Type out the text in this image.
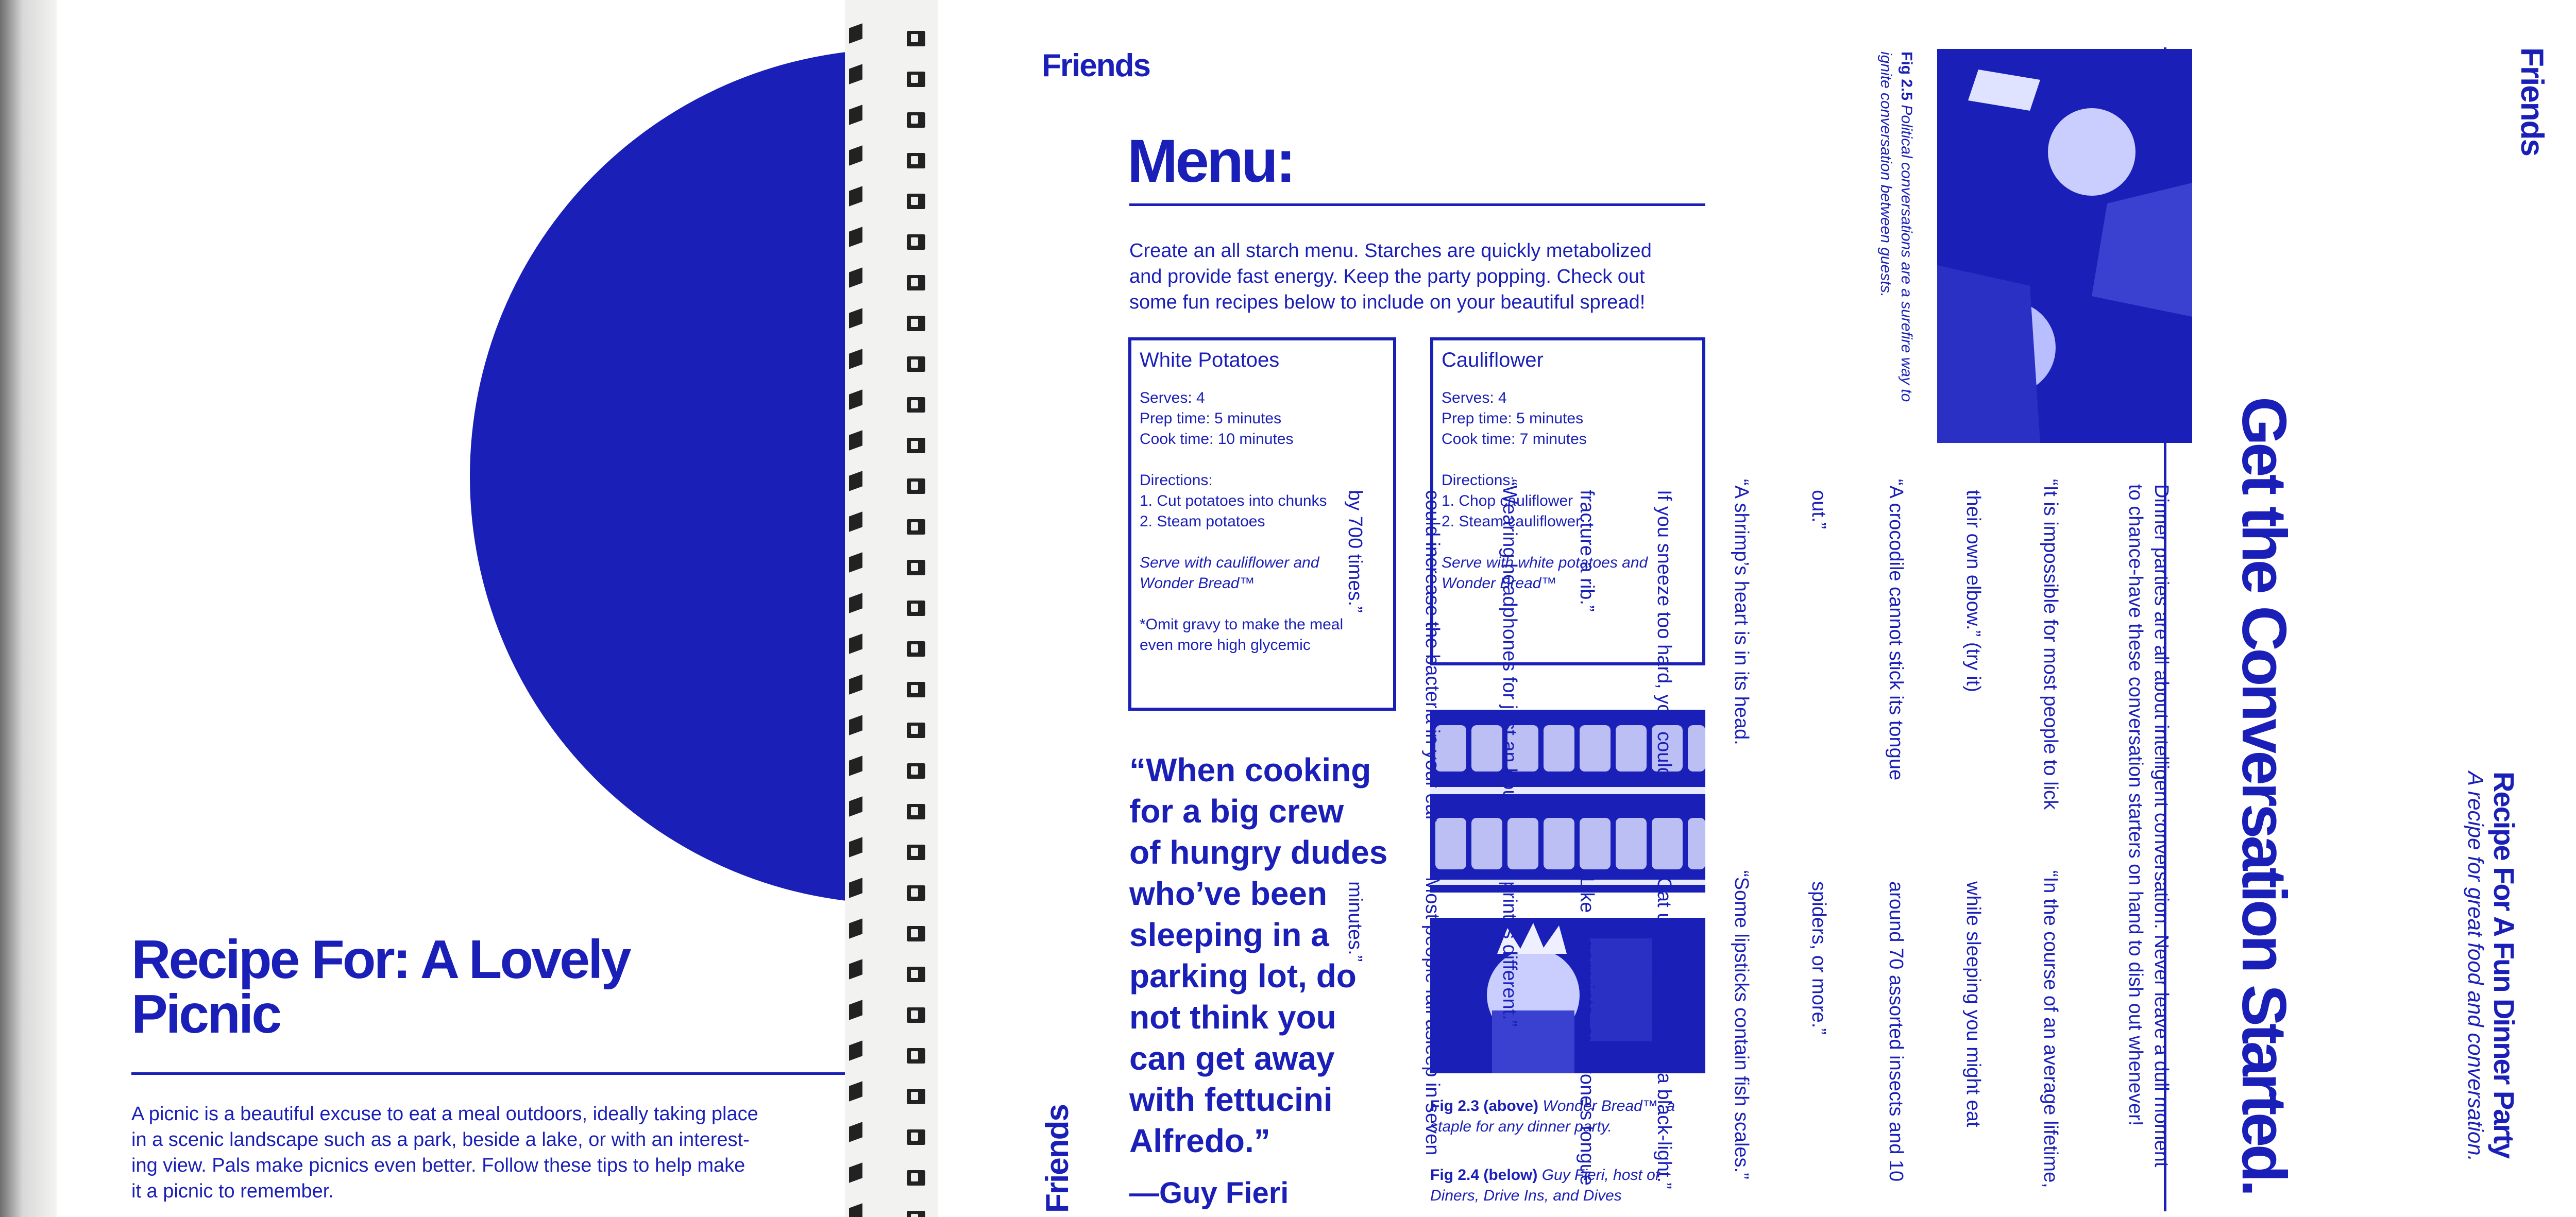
Recipe For: A Lovely
Picnic
A picnic is a beautiful excuse to eat a meal outdoors, ideally taking place
in a scenic landscape such as a park, beside a lake, or with an interest-
ing view. Pals make picnics even better. Follow these tips to help make
it a picnic to remember.
Friends
Menu:
Create an all starch menu. Starches are quickly metabolized
and provide fast energy. Keep the party popping. Check out
some fun recipes below to include on your beautiful spread!
White Potatoes
Serves: 4
Prep time: 5 minutes
Cook time: 10 minutes
Directions:
1. Cut potatoes into chunks
2. Steam potatoes
Serve with cauliflower and
Wonder Bread™
*Omit gravy to make the meal
even more high glycemic
Cauliflower
Serves: 4
Prep time: 5 minutes
Cook time: 7 minutes
Directions:
1. Chop cauliflower
2. Steam cauliflower
Serve with white potatoes and
Wonder Bread™
“When cooking
for a big crew
of hungry dudes
who’ve been
sleeping in a
parking lot, do
not think you
can get away
with fettucini
Alfredo.”
—Guy Fieri
Fig 2.3 (above) Wonder Bread™, a
staple for any dinner party.
Fig 2.4 (below) Guy Fieri, host of
Diners, Drive Ins, and Dives
Friends
Friends
Recipe For A Fun Dinner Party
A recipe for great food and conversation.
Get the Conversation Started.
Dinner parties are all about intelligent conversation. Never leave a dull moment
to chance-have these conversation starters on hand to dish out whenever!

“It is impossible for most people to lick

their own elbow.” (try it)

“A crocodile cannot stick its tongue

out.”

“A shrimp’s heart is in its head.

If you sneeze too hard, you could

fracture a rib.”

“Wearing headphones for just an hour

could increase the bacteria in your ear

by 700 times.”

“In the course of an average lifetime,

while sleeping you might eat

around 70 assorted insects and 10

spiders, or more.”

“Some lipsticks contain fish scales.”

“Cat urine glows under a black-light.”

“Like fingerprints, everyone’s tongue

print is different.”

“Most people fall asleep in seven

minutes.”

Fig 2.5 Political conversations are a surefire way to
ignite conversation between guests.
